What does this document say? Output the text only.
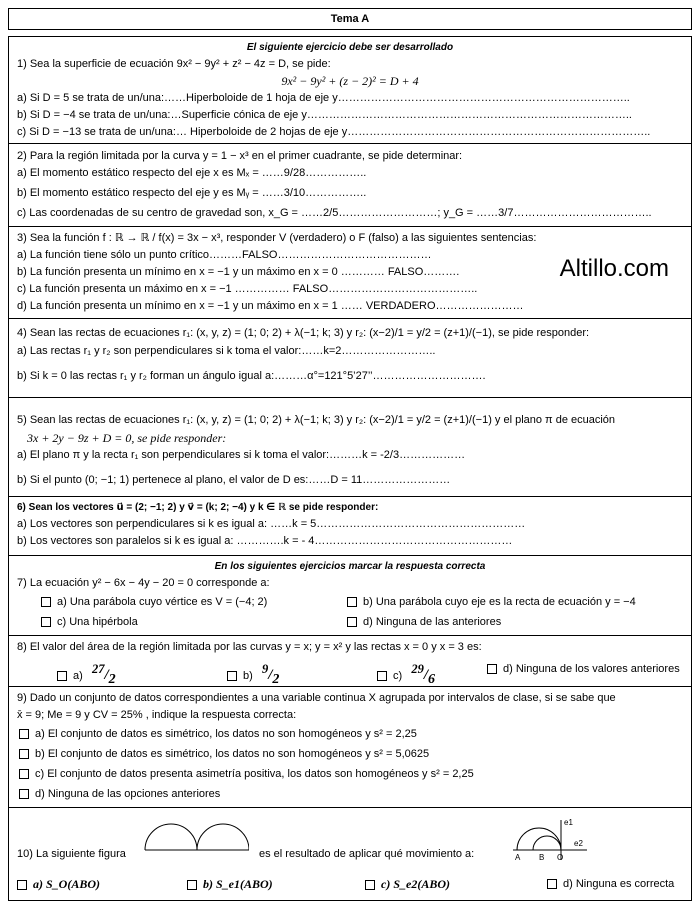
Tema A
El siguiente ejercicio debe ser desarrollado
1) Sea la superficie de ecuación 9x² − 9y² + z² − 4z = D, se pide:
9x² − 9y² + (z − 2)² = D + 4
a) Si D = 5 se trata de un/una:……Hiperboloide de 1 hoja de eje y……………………………………………………………………..
b) Si D = −4 se trata de un/una:…Superficie cónica de eje y……………………………………………………………………………..
c) Si D = −13 se trata de un/una:… Hiperboloide de 2 hojas de eje y………………………………………………………………………..
2) Para la región limitada por la curva y = 1 − x³ en el primer cuadrante, se pide determinar:
a) El momento estático respecto del eje x es Mₓ = ……9/28……………..
b) El momento estático respecto del eje y es Mᵧ = ……3/10……………..
c) Las coordenadas de su centro de gravedad son, x_G = ……2/5………………………; y_G = ……3/7………………………………..
Altillo.com
3) Sea la función f : ℝ → ℝ / f(x) = 3x − x³, responder V (verdadero) o F (falso) a las siguientes sentencias:
a) La función tiene sólo un punto crítico………FALSO……………………………………
b) La función presenta un mínimo en x = −1 y un máximo en x = 0 ………… FALSO……….
c) La función presenta un máximo en x = −1 …………… FALSO…………………………………..
d) La función presenta un mínimo en x = −1 y un máximo en x = 1 …… VERDADERO……………………
4) Sean las rectas de ecuaciones r₁: (x, y, z) = (1; 0; 2) + λ(−1; k; 3) y r₂: (x−2)/1 = y/2 = (z+1)/(−1), se pide responder:
a) Las rectas r₁ y r₂ son perpendiculares si k toma el valor:……k=2……………………..
b) Si k = 0 las rectas r₁ y r₂ forman un ángulo igual a:………α°=121°5’27’’………………………….
5) Sean las rectas de ecuaciones r₁: (x, y, z) = (1; 0; 2) + λ(−1; k; 3) y r₂: (x−2)/1 = y/2 = (z+1)/(−1) y el plano π de ecuación
3x + 2y − 9z + D = 0, se pide responder:
a) El plano π y la recta r₁ son perpendiculares si k toma el valor:………k = -2/3………………
b) Si el punto (0; −1; 1) pertenece al plano, el valor de D es:……D = 11……………………
6) Sean los vectores u⃗ = (2; −1; 2) y v⃗ = (k; 2; −4) y k ∈ ℝ se pide responder:
a) Los vectores son perpendiculares si k es igual a: ……k = 5…………………………………………………
b) Los vectores son paralelos si k es igual a: ………….k = - 4………………………………………………
En los siguientes ejercicios marcar la respuesta correcta
7) La ecuación y² − 6x − 4y − 20 = 0 corresponde a:
a) Una parábola cuyo vértice es V = (−4; 2)	b) Una parábola cuyo eje es la recta de ecuación y = −4
c) Una hipérbola	d) Ninguna de las anteriores
8) El valor del área de la región limitada por las curvas y = x; y = x² y las rectas x = 0 y x = 3 es:
a) $^{27}/_2$	b) $^9/_2$	c) $^{29}/_6$
d) Ninguna de los valores anteriores
9) Dado un conjunto de datos correspondientes a una variable continua X agrupada por intervalos de clase, si se sabe que
x̄ = 9; Me = 9 y CV = 25% , indique la respuesta correcta:
a) El conjunto de datos es simétrico, los datos no son homogéneos y s² = 2,25
b) El conjunto de datos es simétrico, los datos no son homogéneos y s² = 5,0625
c) El conjunto de datos presenta asimetría positiva, los datos son homogéneos y s² = 2,25
d) Ninguna de las opciones anteriores
10) La siguiente figura	es el resultado de aplicar qué movimiento a:
e1
e2
A B O
a) S_O(ABO)	b) S_e1(ABO)	c) S_e2(ABO)	d) Ninguna es correcta
